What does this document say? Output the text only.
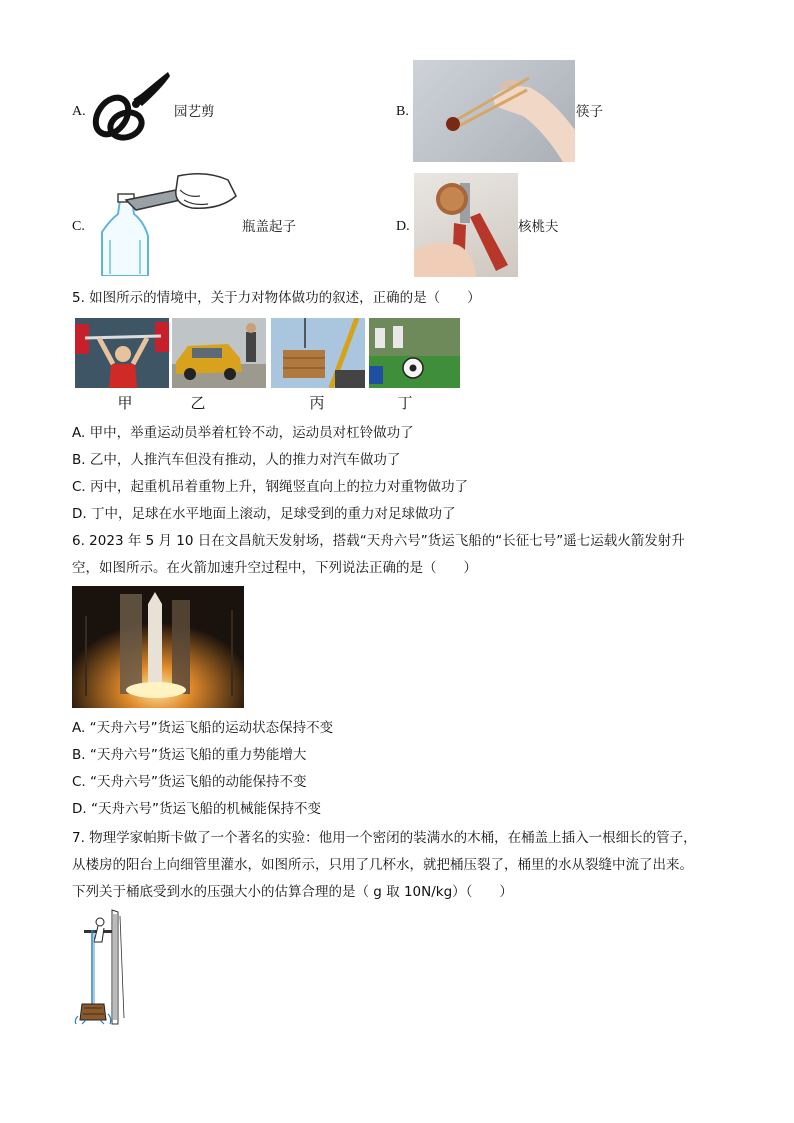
A.	园艺剪	B.	筷子
C.	瓶盖起子	D.	核桃夫
5. 如图所示的情境中，关于力对物体做功的叙述，正确的是（　　）
甲	乙	丙	丁
A. 甲中，举重运动员举着杠铃不动，运动员对杠铃做功了
B. 乙中，人推汽车但没有推动，人的推力对汽车做功了
C. 丙中，起重机吊着重物上升，钢绳竖直向上的拉力对重物做功了
D. 丁中，足球在水平地面上滚动，足球受到的重力对足球做功了
6. 2023 年 5 月 10 日在文昌航天发射场，搭载“天舟六号”货运飞船的“长征七号”遥七运载火箭发射升
空，如图所示。在火箭加速升空过程中，下列说法正确的是（　　）
A. “天舟六号”货运飞船的运动状态保持不变
B. “天舟六号”货运飞船的重力势能增大
C. “天舟六号”货运飞船的动能保持不变
D. “天舟六号”货运飞船的机械能保持不变
7. 物理学家帕斯卡做了一个著名的实验：他用一个密闭的装满水的木桶，在桶盖上插入一根细长的管子，
从楼房的阳台上向细管里灌水，如图所示，只用了几杯水，就把桶压裂了，桶里的水从裂缝中流了出来。
下列关于桶底受到水的压强大小的估算合理的是（ g 取 10N/kg）（　　）
